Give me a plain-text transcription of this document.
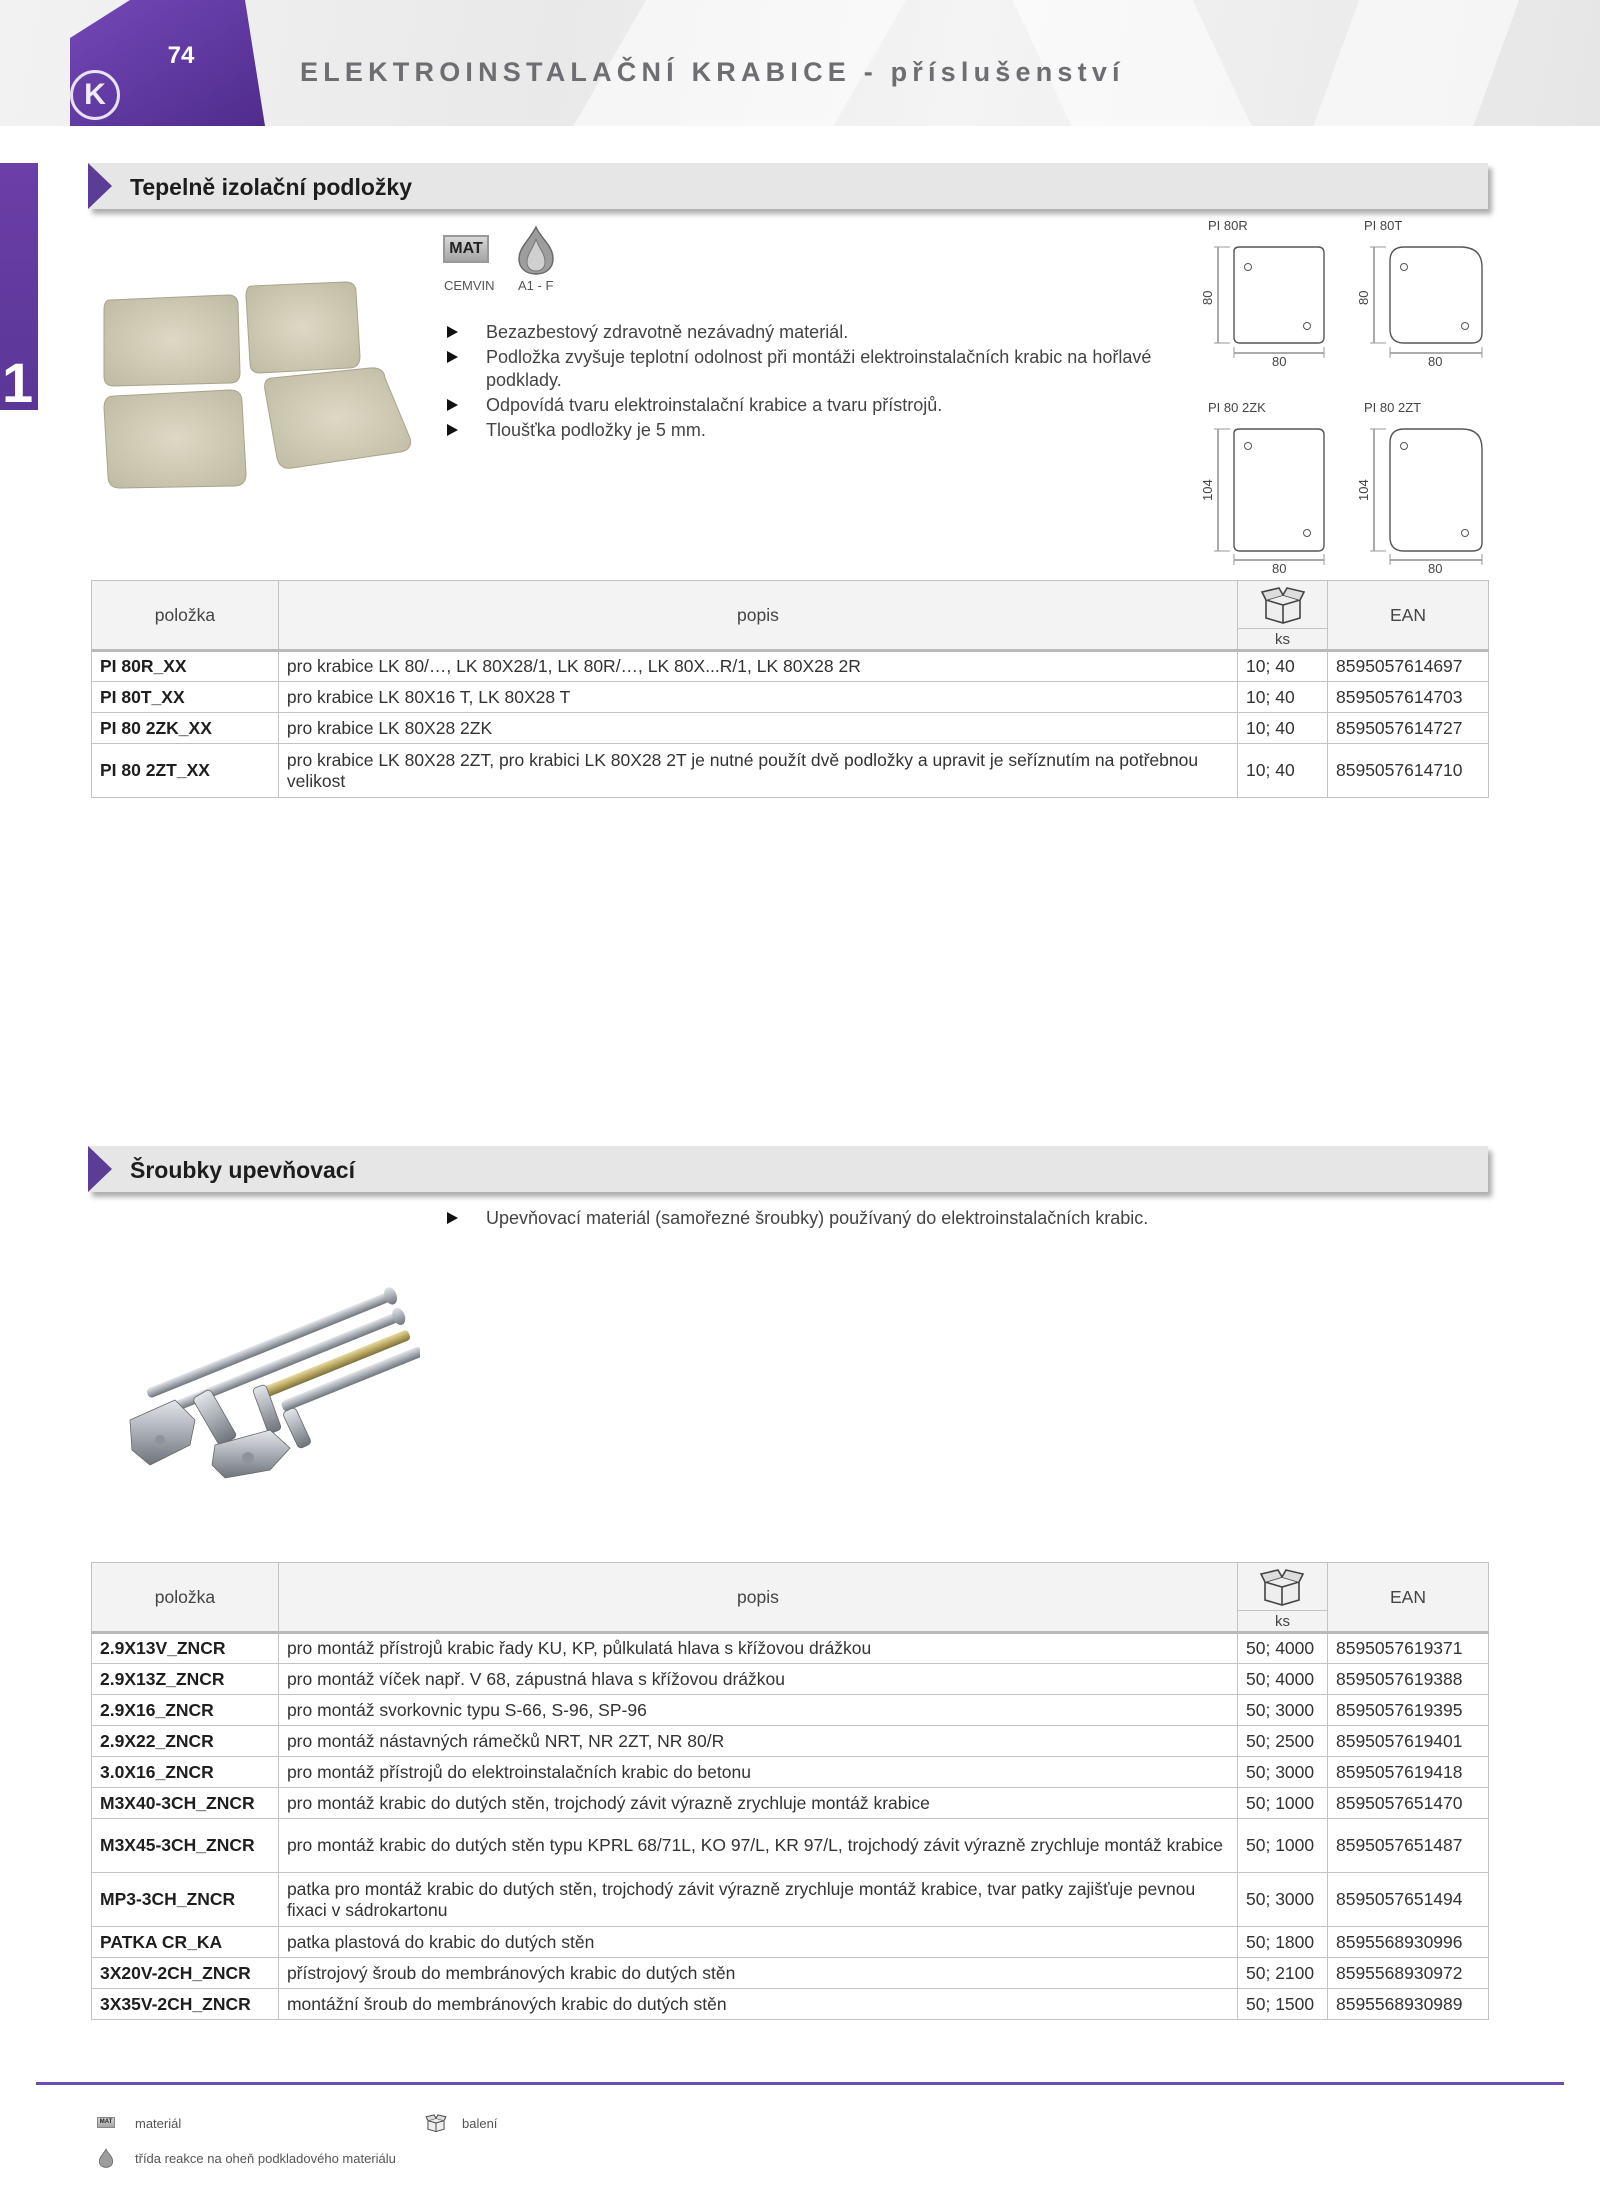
74
K
ELEKTROINSTALAČNÍ KRABICE - příslušenství
1
Tepelně izolační podložky
MAT
CEMVIN A1 - F
Bezazbestový zdravotně nezávadný materiál.
Podložka zvyšuje teplotní odolnost při montáži elektroinstalačních krabic na hořlavé podklady.
Odpovídá tvaru elektroinstalační krabice a tvaru přístrojů.
Tloušťka podložky je 5 mm.
PI 80R
80
80
PI 80T
80
80
PI 80 2ZK
104
80
PI 80 2ZT
104
80
položka	popis		EAN
		ks	
PI 80R_XX	pro krabice LK 80/…, LK 80X28/1, LK 80R/…, LK 80X...R/1, LK 80X28 2R	10; 40	8595057614697
PI 80T_XX	pro krabice LK 80X16 T, LK 80X28 T	10; 40	8595057614703
PI 80 2ZK_XX	pro krabice LK 80X28 2ZK	10; 40	8595057614727
PI 80 2ZT_XX	pro krabice LK 80X28 2ZT, pro krabici LK 80X28 2T je nutné použít dvě podložky a upravit je seříznutím na potřebnou velikost	10; 40	8595057614710
Šroubky upevňovací
Upevňovací materiál (samořezné šroubky) používaný do elektroinstalačních krabic.
položka	popis		EAN
		ks	
2.9X13V_ZNCR	pro montáž přístrojů krabic řady KU, KP, půlkulatá hlava s křížovou drážkou	50; 4000	8595057619371
2.9X13Z_ZNCR	pro montáž víček např. V 68, zápustná hlava s křížovou drážkou	50; 4000	8595057619388
2.9X16_ZNCR	pro montáž svorkovnic typu S-66, S-96, SP-96	50; 3000	8595057619395
2.9X22_ZNCR	pro montáž nástavných rámečků NRT, NR 2ZT, NR 80/R	50; 2500	8595057619401
3.0X16_ZNCR	pro montáž přístrojů do elektroinstalačních krabic do betonu	50; 3000	8595057619418
M3X40-3CH_ZNCR	pro montáž krabic do dutých stěn, trojchodý závit výrazně zrychluje montáž krabice	50; 1000	8595057651470
M3X45-3CH_ZNCR	pro montáž krabic do dutých stěn typu KPRL 68/71L, KO 97/L, KR 97/L, trojchodý závit výrazně zrychluje montáž krabice	50; 1000	8595057651487
MP3-3CH_ZNCR	patka pro montáž krabic do dutých stěn, trojchodý závit výrazně zrychluje montáž krabice, tvar patky zajišťuje pevnou fixaci v sádrokartonu	50; 3000	8595057651494
PATKA CR_KA	patka plastová do krabic do dutých stěn	50; 1800	8595568930996
3X20V-2CH_ZNCR	přístrojový šroub do membránových krabic do dutých stěn	50; 2100	8595568930972
3X35V-2CH_ZNCR	montážní šroub do membránových krabic do dutých stěn	50; 1500	8595568930989
MAT materiál	balení
třída reakce na oheň podkladového materiálu
